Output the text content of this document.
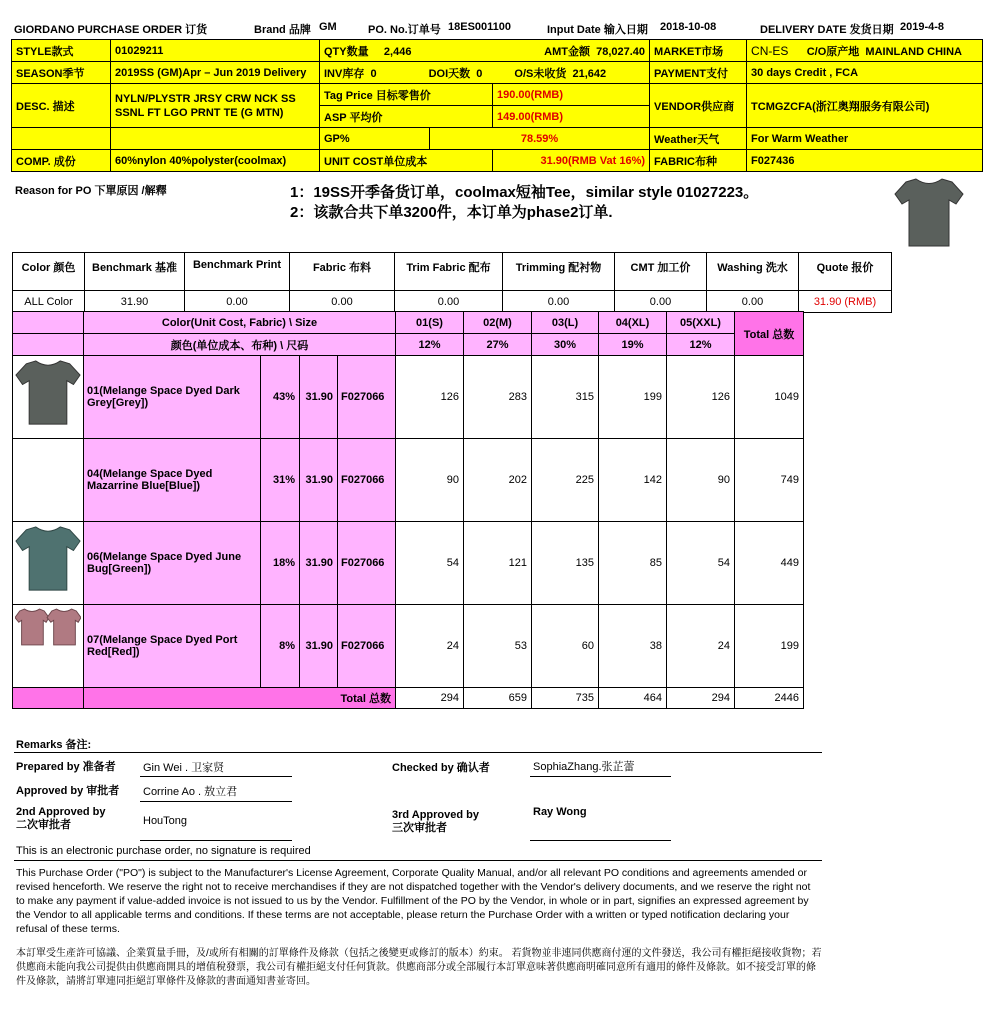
GIORDANO PURCHASE ORDER 订货	Brand 品牌 GM	PO. No.订单号 18ES001100	Input Date 输入日期 2018-10-08	DELIVERY DATE 发货日期 2019-4-8
STYLE款式	01029211	QTY数量 2,446	AMT金额 78,027.40		MARKET市场	CN-ES C/O原产地 MAINLAND CHINA
SEASON季节	2019SS (GM)Apr – Jun 2019 Delivery	INV库存 0 DOI天数 0 O/S未收货 21,642			PAYMENT支付	30 days Credit , FCA
DESC. 描述	NYLN/PLYSTR JRSY CRW NCK SS
SSNL FT LGO PRNT TE (G MTN)	Tag Price 目标零售价		190.00(RMB)	VENDOR供应商	TCMGZCFA(浙江奥翔服务有限公司)
		ASP 平均价		149.00(RMB)		
		GP%	78.59%		Weather天气	For Warm Weather
COMP. 成份	60%nylon 40%polyster(coolmax)	UNIT COST单位成本		31.90(RMB Vat 16%)	FABRIC布种	F027436
Reason for PO 下單原因 /解釋	1：19SS开季备货订单，coolmax短袖Tee，similar style 01027223。
2：该款合共下单3200件，本订单为phase2订单.
Color 颜色	Benchmark 基准	Benchmark Print	Fabric 布料	Trim Fabric 配布	Trimming 配衬物	CMT 加工价	Washing 洗水	Quote 报价
ALL Color	31.90	0.00	0.00	0.00	0.00	0.00	0.00	31.90 (RMB)
	Color(Unit Cost, Fabric) \ Size				01(S)	02(M)	03(L)	04(XL)	05(XXL)	Total 总数
	颜色(单位成本、布种) \ 尺码				12%	27%	30%	19%	12%	

	01(Melange Space Dyed Dark Grey[Grey])	43%	31.90	F027066	126	283	315	199	126	1049
	04(Melange Space Dyed Mazarrine Blue[Blue])	31%	31.90	F027066	90	202	225	142	90	749

	06(Melange Space Dyed June Bug[Green])	18%	31.90	F027066	54	121	135	85	54	449

	07(Melange Space Dyed Port Red[Red])	8%	31.90	F027066	24	53	60	38	24	199
	Total 总数				294	659	735	464	294	2446
Remarks 备注:
Prepared by 准备者 Gin Wei . 卫家贤	Checked by 确认者	SophiaZhang.张芷蕾
Approved by 审批者 Corrine Ao . 敖立君
2nd Approved by
二次审批者	HouTong	3rd Approved by
三次审批者
Ray Wong
This is an electronic purchase order, no signature is required
This Purchase Order ("PO") is subject to the Manufacturer's License Agreement, Corporate Quality Manual, and/or all relevant PO conditions and agreements amended or revised henceforth. We reserve the right not to receive merchandises if they are not dispatched together with the Vendor's delivery documents, and we reserve the right not to make any payment if value-added invoice is not issued to us by the Vendor. Fulfillment of the PO by the Vendor, in whole or in part, signifies an expressed agreement by the Vendor to all applicable terms and conditions. If these terms are not acceptable, please return the Purchase Order with a written or typed notification declaring your refusal of these terms.
本訂單受生產許可協議、企業質量手冊，及/或所有相關的訂單條件及條款（包括之後變更或修訂的版本）約束。 若貨物並非連同供應商付運的文件發送，我公司有權拒絕接收貨物；若供應商未能向我公司提供由供應商開具的增值稅發票，我公司有權拒絕支付任何貨款。供應商部分或全部履行本訂單意味著供應商明確同意所有適用的條件及條款。如不接受訂單的條件及條款，請將訂單連同拒絕訂單條件及條款的書面通知書並寄回。
